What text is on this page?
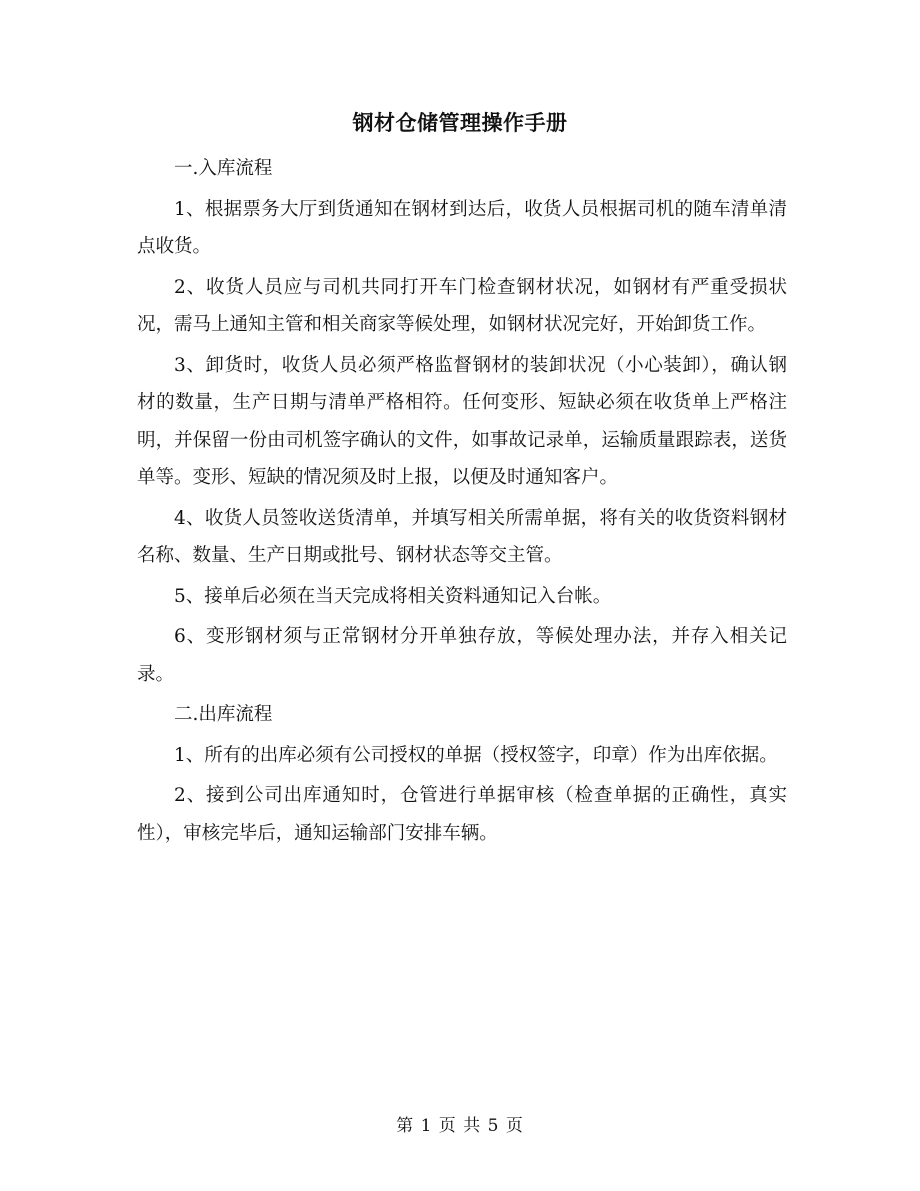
钢材仓储管理操作手册

一.入库流程

1、根据票务大厅到货通知在钢材到达后，收货人员根据司机的随车清单清点收货。

2、收货人员应与司机共同打开车门检查钢材状况，如钢材有严重受损状况，需马上通知主管和相关商家等候处理，如钢材状况完好，开始卸货工作。

3、卸货时，收货人员必须严格监督钢材的装卸状况（小心装卸），确认钢材的数量，生产日期与清单严格相符。任何变形、短缺必须在收货单上严格注明，并保留一份由司机签字确认的文件，如事故记录单，运输质量跟踪表，送货单等。变形、短缺的情况须及时上报，以便及时通知客户。

4、收货人员签收送货清单，并填写相关所需单据，将有关的收货资料钢材名称、数量、生产日期或批号、钢材状态等交主管。

5、接单后必须在当天完成将相关资料通知记入台帐。

6、变形钢材须与正常钢材分开单独存放，等候处理办法，并存入相关记录。

二.出库流程

1、所有的出库必须有公司授权的单据（授权签字，印章）作为出库依据。

2、接到公司出库通知时，仓管进行单据审核（检查单据的正确性，真实性），审核完毕后，通知运输部门安排车辆。

第 1 页 共 5 页
